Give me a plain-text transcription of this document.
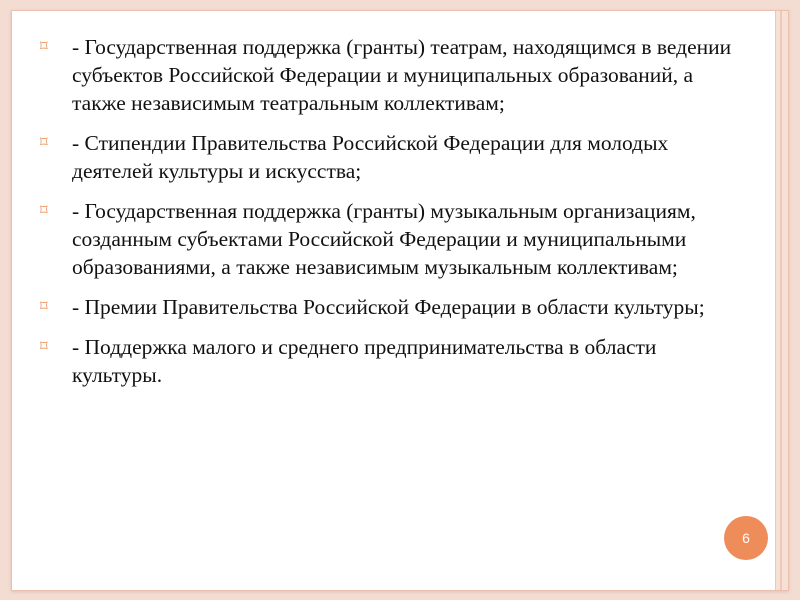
⌑ - Государственная поддержка (гранты) театрам, находящимся в ведении субъектов Российской Федерации и муниципальных образований, а также независимым театральным коллективам;
⌑ - Стипендии Правительства Российской Федерации для молодых деятелей культуры и искусства;
⌑ - Государственная поддержка (гранты) музыкальным организациям, созданным субъектами Российской Федерации и муниципальными образованиями, а также независимым музыкальным коллективам;
⌑ - Премии Правительства Российской Федерации в области культуры;
⌑ - Поддержка малого и среднего предпринимательства в области культуры.
6
